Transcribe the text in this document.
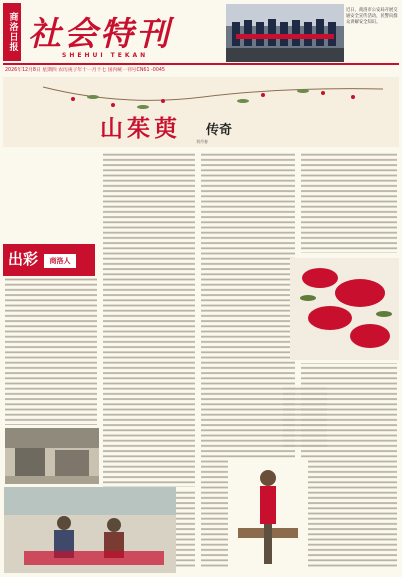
商洛日报 社会特刊
SHEHUI TEKAN
2026年12月8日 星期四 农历庚子年十一月十七 国内统一刊号CN61 -0045
近日，商洛市公安局开展交通安全宣传活动，民警向群众讲解安全知识。
山茱萸 传奇
刘丹春
出彩	商洛人
